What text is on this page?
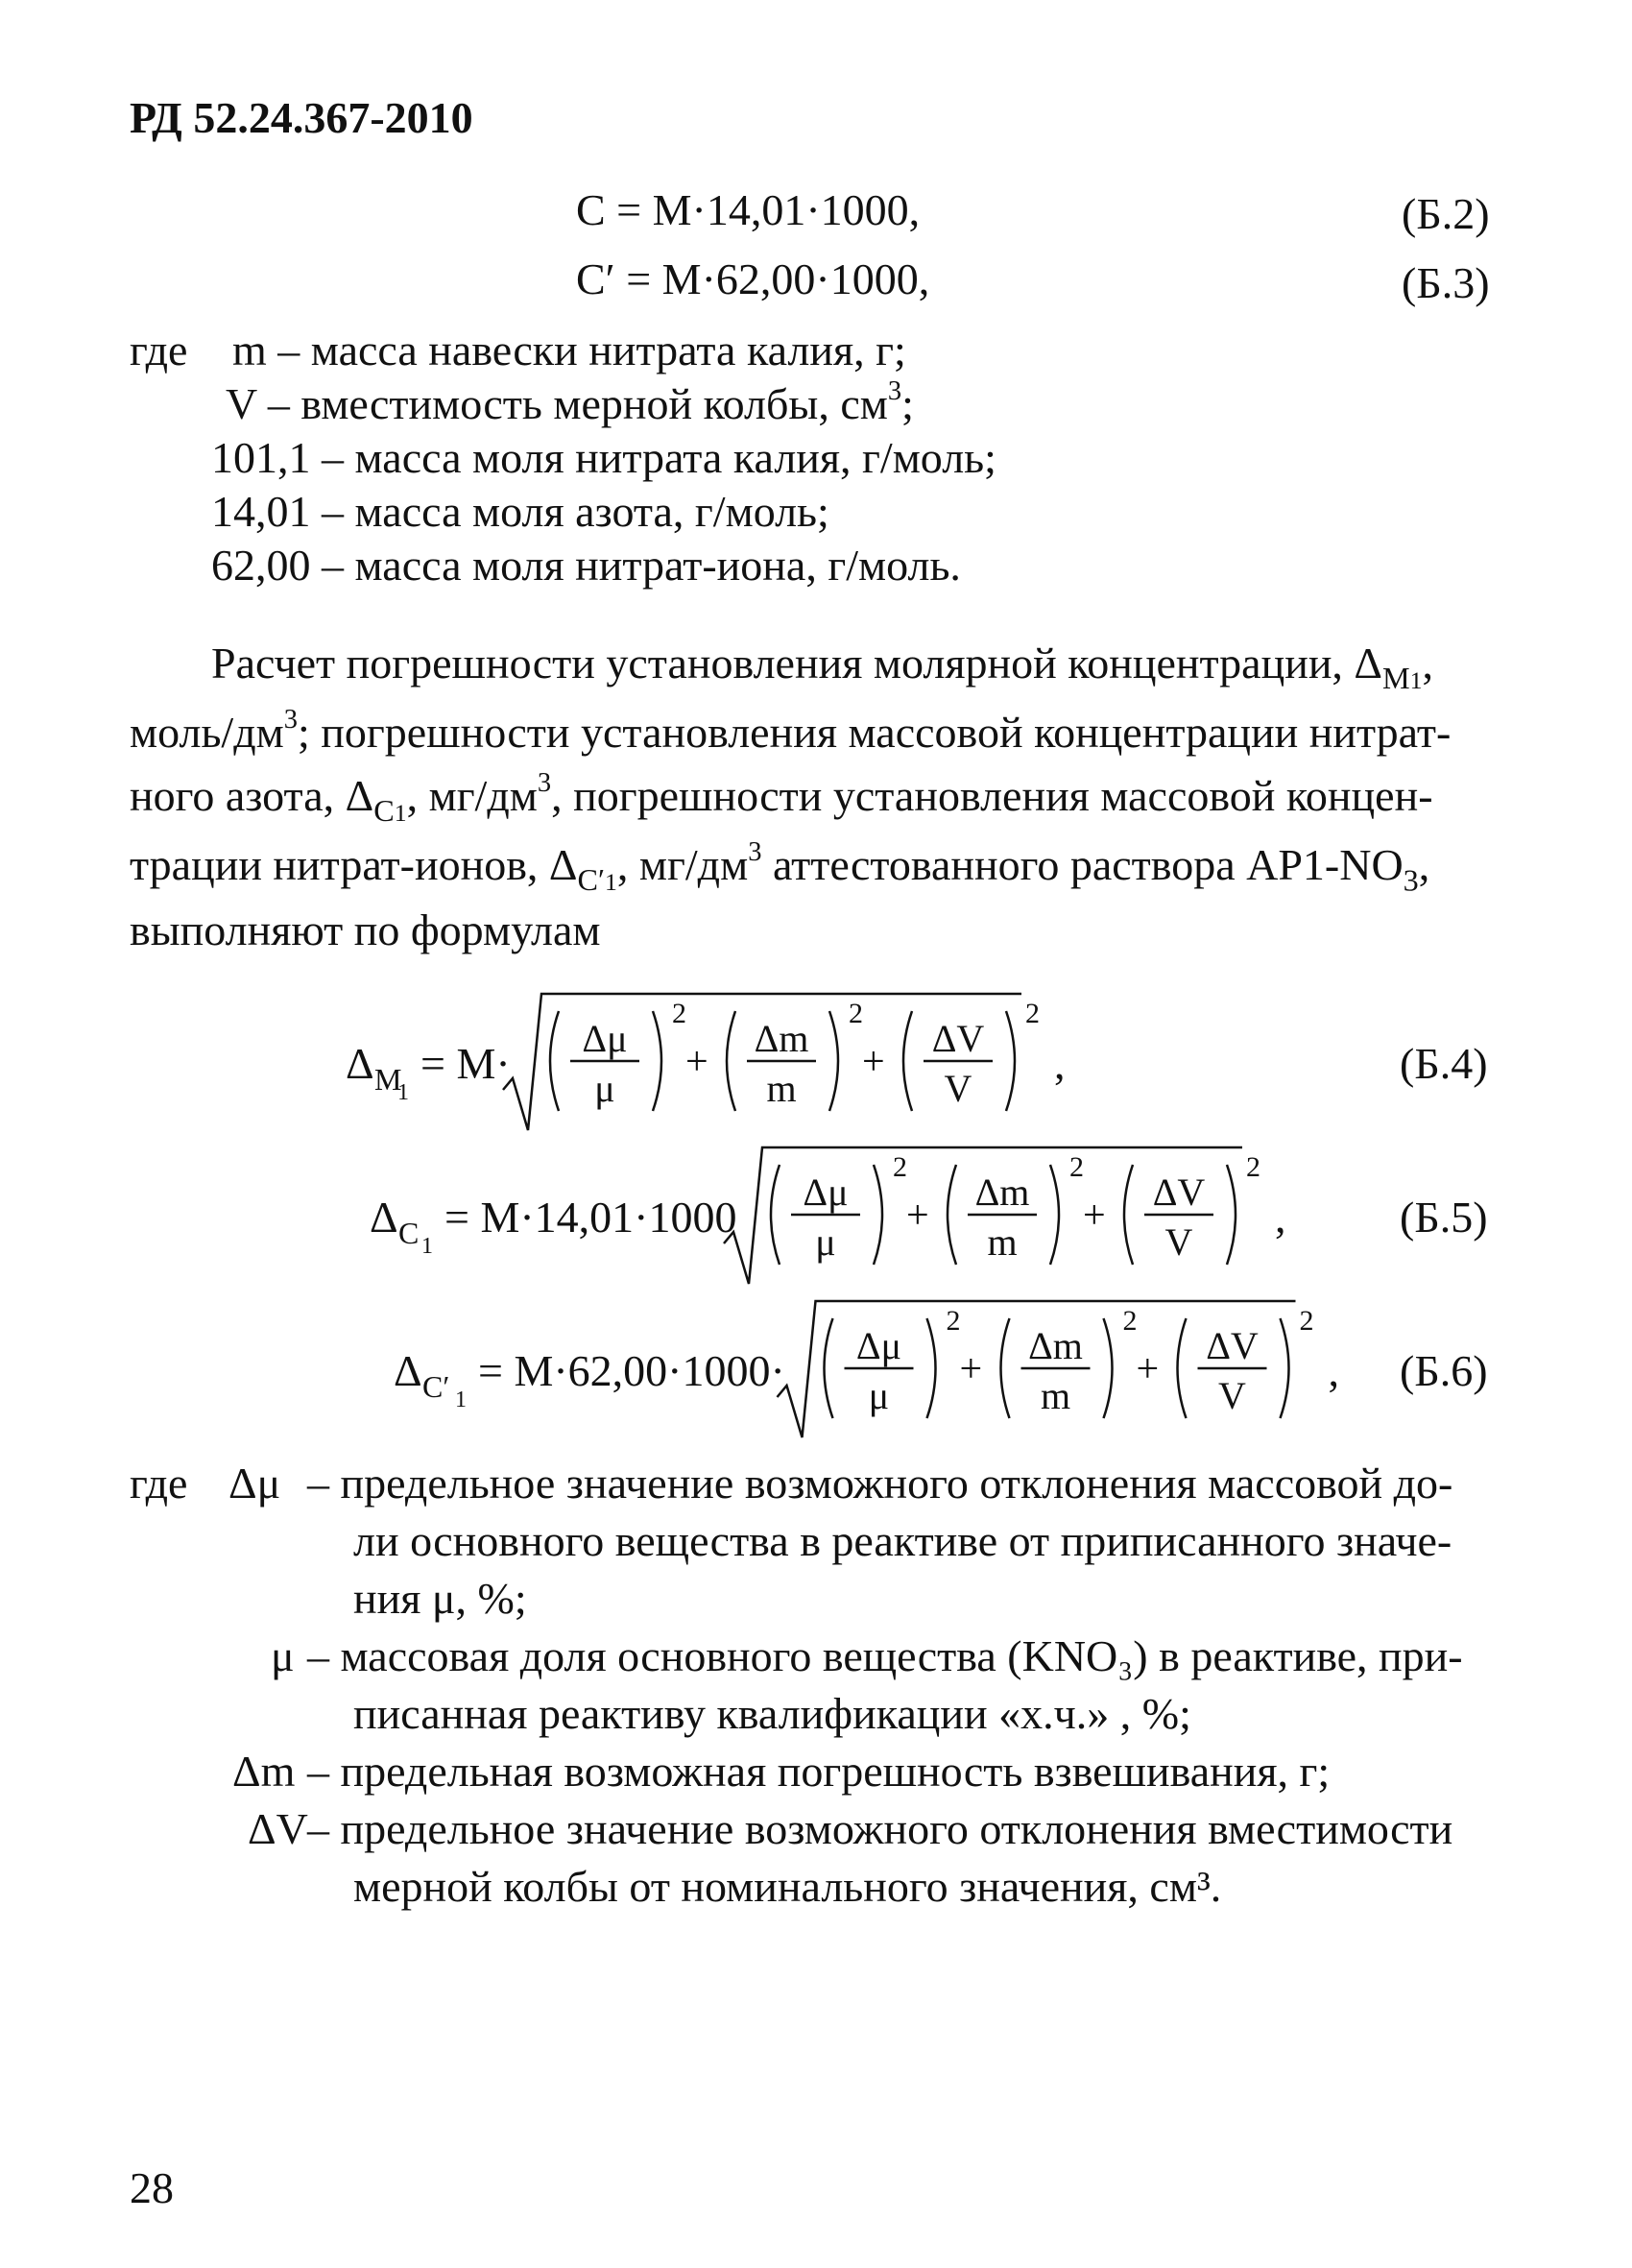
РД 52.24.367-2010
C = M·14,01·1000,	(Б.2)
C′ = M·62,00·1000,	(Б.3)
где m – масса навески нитрата калия, г;
V – вместимость мерной колбы, $см^3$;
101,1 – масса моля нитрата калия, г/моль;
14,01 – масса моля азота, г/моль;
62,00 – масса моля нитрат-иона, г/моль.
Расчет погрешности установления молярной концентрации, $\Delta_{M1}$,
моль/$дм^3$; погрешности установления массовой концентрации нитрат-
ного азота, $\Delta_{C1}$, $мг/дм^3$, погрешности установления массовой концен-
трации нитрат-ионов, $\Delta_{C'1}$, $мг/дм^3$ аттестованного раствора $АР1-NO_3$,
выполняют по формулам
Δ M
1
= M·
Δμ
μ
2
+
Δm
m
2
+
ΔV
V
2
,	(Б.4)
Δ C 1
= M·14,01·1000
Δμ
μ
2
+
Δm
m
2
+
ΔV
V
2
,	(Б.5)
Δ C′ 1
= M·62,00·1000·
Δμ
μ
2
+
Δm
m
2
+
ΔV
V
2
, (Б.6)
где Δμ – предельное значение возможного отклонения массовой до-
ли основного вещества в реактиве от приписанного значе-
ния μ, %;
μ – массовая доля основного вещества (KNO₃) в реактиве, при-
писанная реактиву квалификации «х.ч.» , %;
Δm – предельная возможная погрешность взвешивания, г;
ΔV – предельное значение возможного отклонения вместимости
мерной колбы от номинального значения, см³.
28
